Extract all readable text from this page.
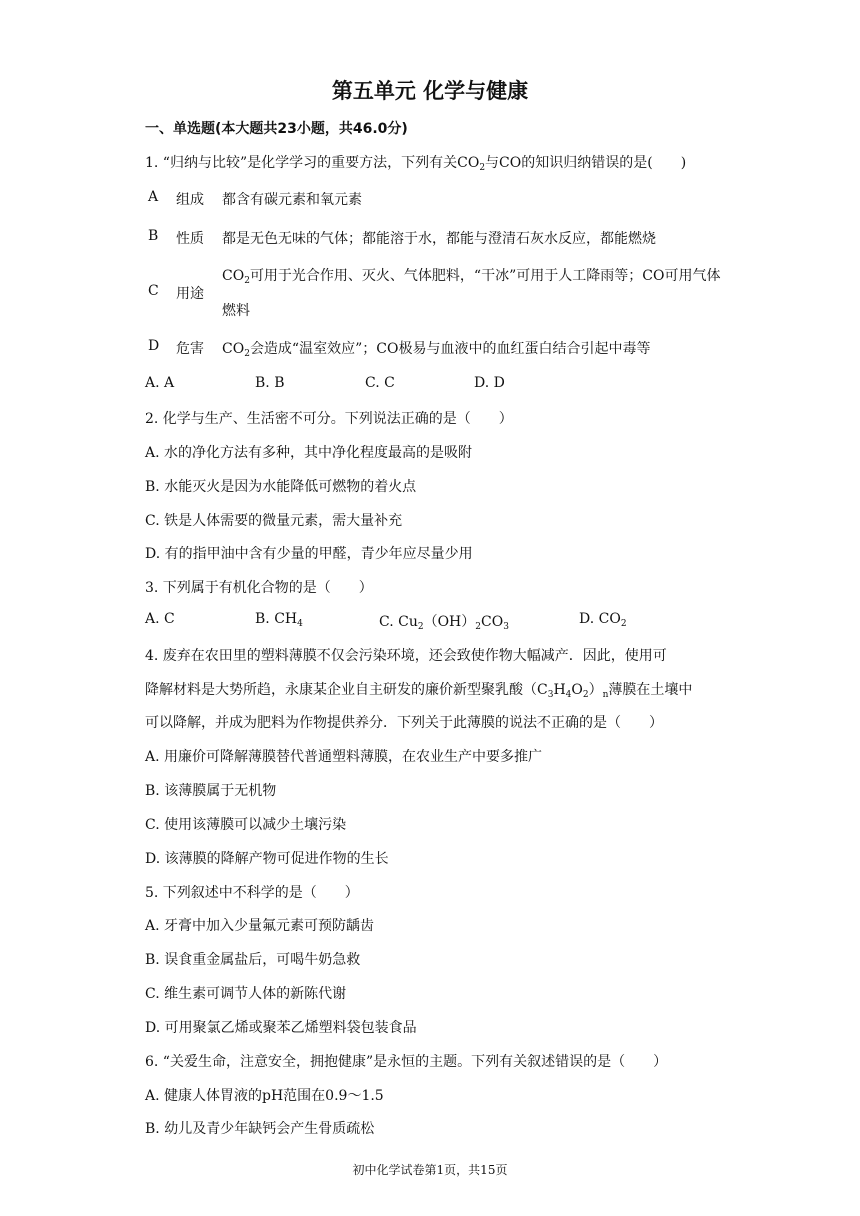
第五单元 化学与健康
一、单选题(本大题共23小题，共46.0分)
1. “归纳与比较”是化学学习的重要方法，下列有关$CO_2$与CO的知识归纳错误的是(　　)
A 组成 都含有碳元素和氧元素
B 性质 都是无色无味的气体；都能溶于水，都能与澄清石灰水反应，都能燃烧
C 用途
$CO_2$可用于光合作用、灭火、气体肥料，“干冰”可用于人工降雨等；CO可用气体
燃料
D 危害 $CO_2$会造成“温室效应”；CO极易与血液中的血红蛋白结合引起中毒等
A. A	B. B	C. C	D. D
2. 化学与生产、生活密不可分。下列说法正确的是（　　）
A. 水的净化方法有多种，其中净化程度最高的是吸附
B. 水能灭火是因为水能降低可燃物的着火点
C. 铁是人体需要的微量元素，需大量补充
D. 有的指甲油中含有少量的甲醛，青少年应尽量少用
3. 下列属于有机化合物的是（　　）
A. C	B. $CH_4$	C. $Cu_2(OH)_2CO_3$	D. $CO_2$
4. 废弃在农田里的塑料薄膜不仅会污染环境，还会致使作物大幅减产．因此，使用可
降解材料是大势所趋，永康某企业自主研发的廉价新型聚乳酸$(C_3H_4O_2)_n$薄膜在土壤中
可以降解，并成为肥料为作物提供养分．下列关于此薄膜的说法不正确的是（　　）
A. 用廉价可降解薄膜替代普通塑料薄膜，在农业生产中要多推广
B. 该薄膜属于无机物
C. 使用该薄膜可以减少土壤污染
D. 该薄膜的降解产物可促进作物的生长
5. 下列叙述中不科学的是（　　）
A. 牙膏中加入少量氟元素可预防龋齿
B. 误食重金属盐后，可喝牛奶急救
C. 维生素可调节人体的新陈代谢
D. 可用聚氯乙烯或聚苯乙烯塑料袋包装食品
6. “关爱生命，注意安全，拥抱健康”是永恒的主题。下列有关叙述错误的是（　　）
A. 健康人体胃液的pH范围在0.9～1.5
B. 幼儿及青少年缺钙会产生骨质疏松
初中化学试卷第1页，共15页
